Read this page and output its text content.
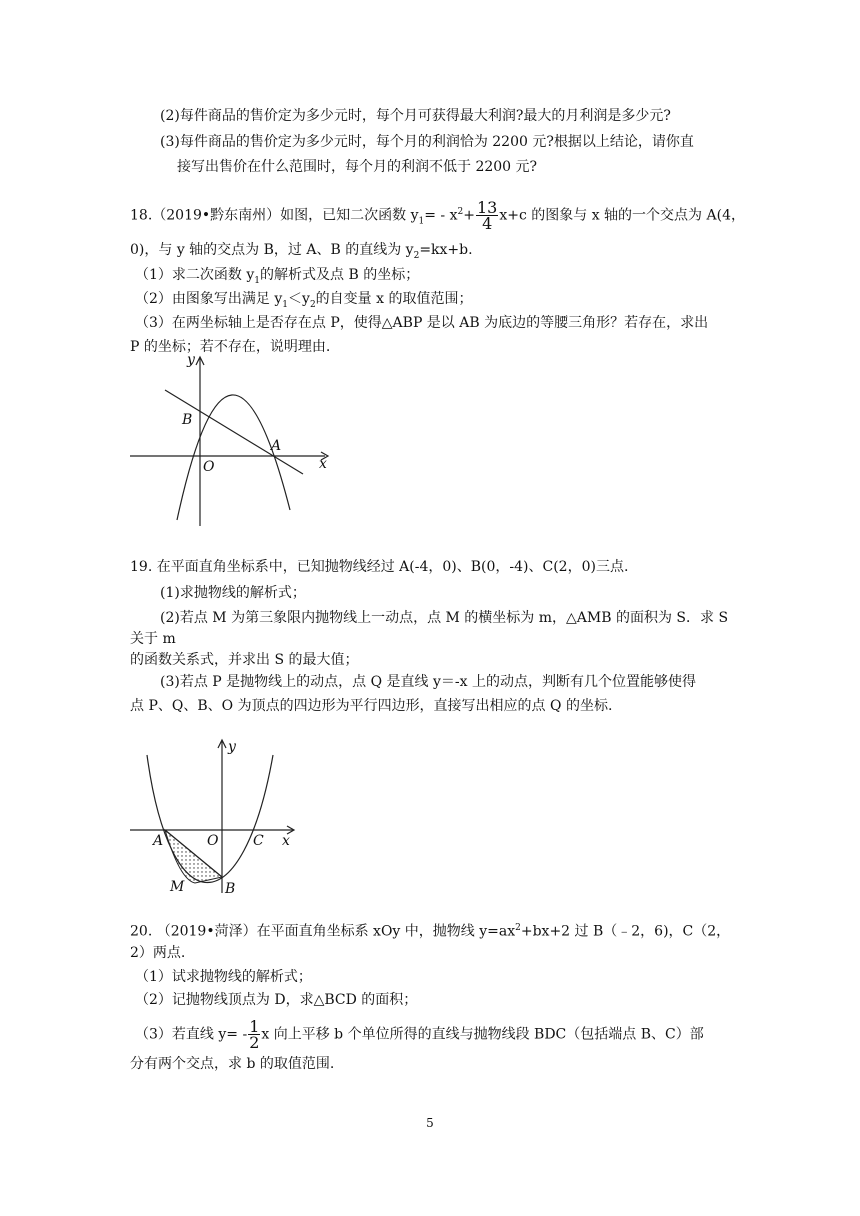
(2)每件商品的售价定为多少元时，每个月可获得最大利润?最大的月利润是多少元?
(3)每件商品的售价定为多少元时，每个月的利润恰为 2200 元?根据以上结论，请你直
接写出售价在什么范围时，每个月的利润不低于 2200 元?
18.（2019•黔东南州）如图，已知二次函数 $y_1= - x^2+ \frac{13}{4} x+c$ 的图象与 x 轴的一个交点为 A(4，
0)，与 y 轴的交点为 B，过 A、B 的直线为 $y_2=kx+b$.
（1）求二次函数 $y_1$的解析式及点 B 的坐标；
（2）由图象写出满足 $y_1<y_2$的自变量 x 的取值范围；
（3）在两坐标轴上是否存在点 P，使得△ABP 是以 AB 为底边的等腰三角形？若存在，求出
P 的坐标；若不存在，说明理由.
y
x
B
O
A
19. 在平面直角坐标系中，已知抛物线经过 A(-4，0)、B(0，-4)、C(2，0)三点.
(1)求抛物线的解析式；
(2)若点 M 为第三象限内抛物线上一动点，点 M 的横坐标为 m，△AMB 的面积为 S．求 S
关于 m
的函数关系式，并求出 S 的最大值；
(3)若点 P 是抛物线上的动点，点 Q 是直线 y＝-x 上的动点，判断有几个位置能够使得
点 P、Q、B、O 为顶点的四边形为平行四边形，直接写出相应的点 Q 的坐标.
y
x
A	O C
M	B
20. （2019•菏泽）在平面直角坐标系 xOy 中，抛物线 $y=ax^2+bx+2$ 过 B（﹣2，6)，C（2，
2）两点.
（1）试求抛物线的解析式；
（2）记抛物线顶点为 D，求△BCD 的面积；
（3）若直线 $y= - \frac{1}{2}$ x 向上平移 b 个单位所得的直线与抛物线段 BDC（包括端点 B、C）部
分有两个交点，求 b 的取值范围.
5
